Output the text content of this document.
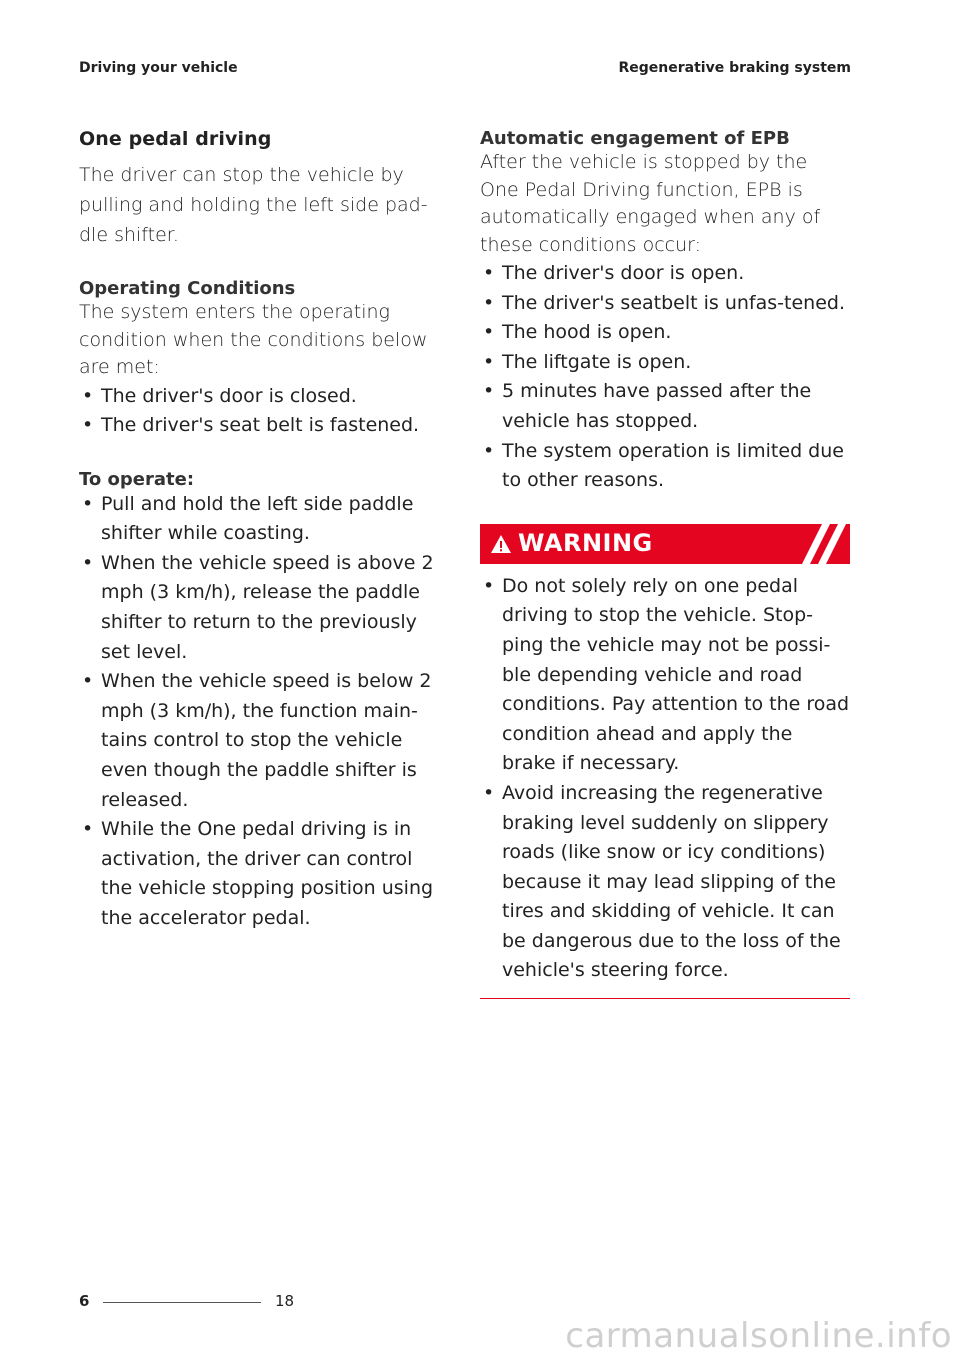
Driving your vehicle	Regenerative braking system
One pedal driving

The driver can stop the vehicle by pulling and holding the left side pad-dle shifter.

Operating Conditions

The system enters the operating condition when the conditions below are met:

• The driver's door is closed.
• The driver's seat belt is fastened.
To operate:
• Pull and hold the left side paddle shifter while coasting.
• When the vehicle speed is above 2 mph (3 km/h), release the paddle shifter to return to the previously set level.
• When the vehicle speed is below 2 mph (3 km/h), the function main-tains control to stop the vehicle even though the paddle shifter is released.
• While the One pedal driving is in activation, the driver can control the vehicle stopping position using the accelerator pedal.
Automatic engagement of EPB

After the vehicle is stopped by the One Pedal Driving function, EPB is automatically engaged when any of these conditions occur:

• The driver's door is open.
• The driver's seatbelt is unfas-tened.
• The hood is open.
• The liftgate is open.
• 5 minutes have passed after the vehicle has stopped.
• The system operation is limited due to other reasons.
WARNING
• Do not solely rely on one pedal driving to stop the vehicle. Stop-ping the vehicle may not be possi-ble depending vehicle and road conditions. Pay attention to the road condition ahead and apply the brake if necessary.
• Avoid increasing the regenerative braking level suddenly on slippery roads (like snow or icy conditions) because it may lead slipping of the tires and skidding of vehicle. It can be dangerous due to the loss of the vehicle's steering force.
6	18
carmanualsonline.info
